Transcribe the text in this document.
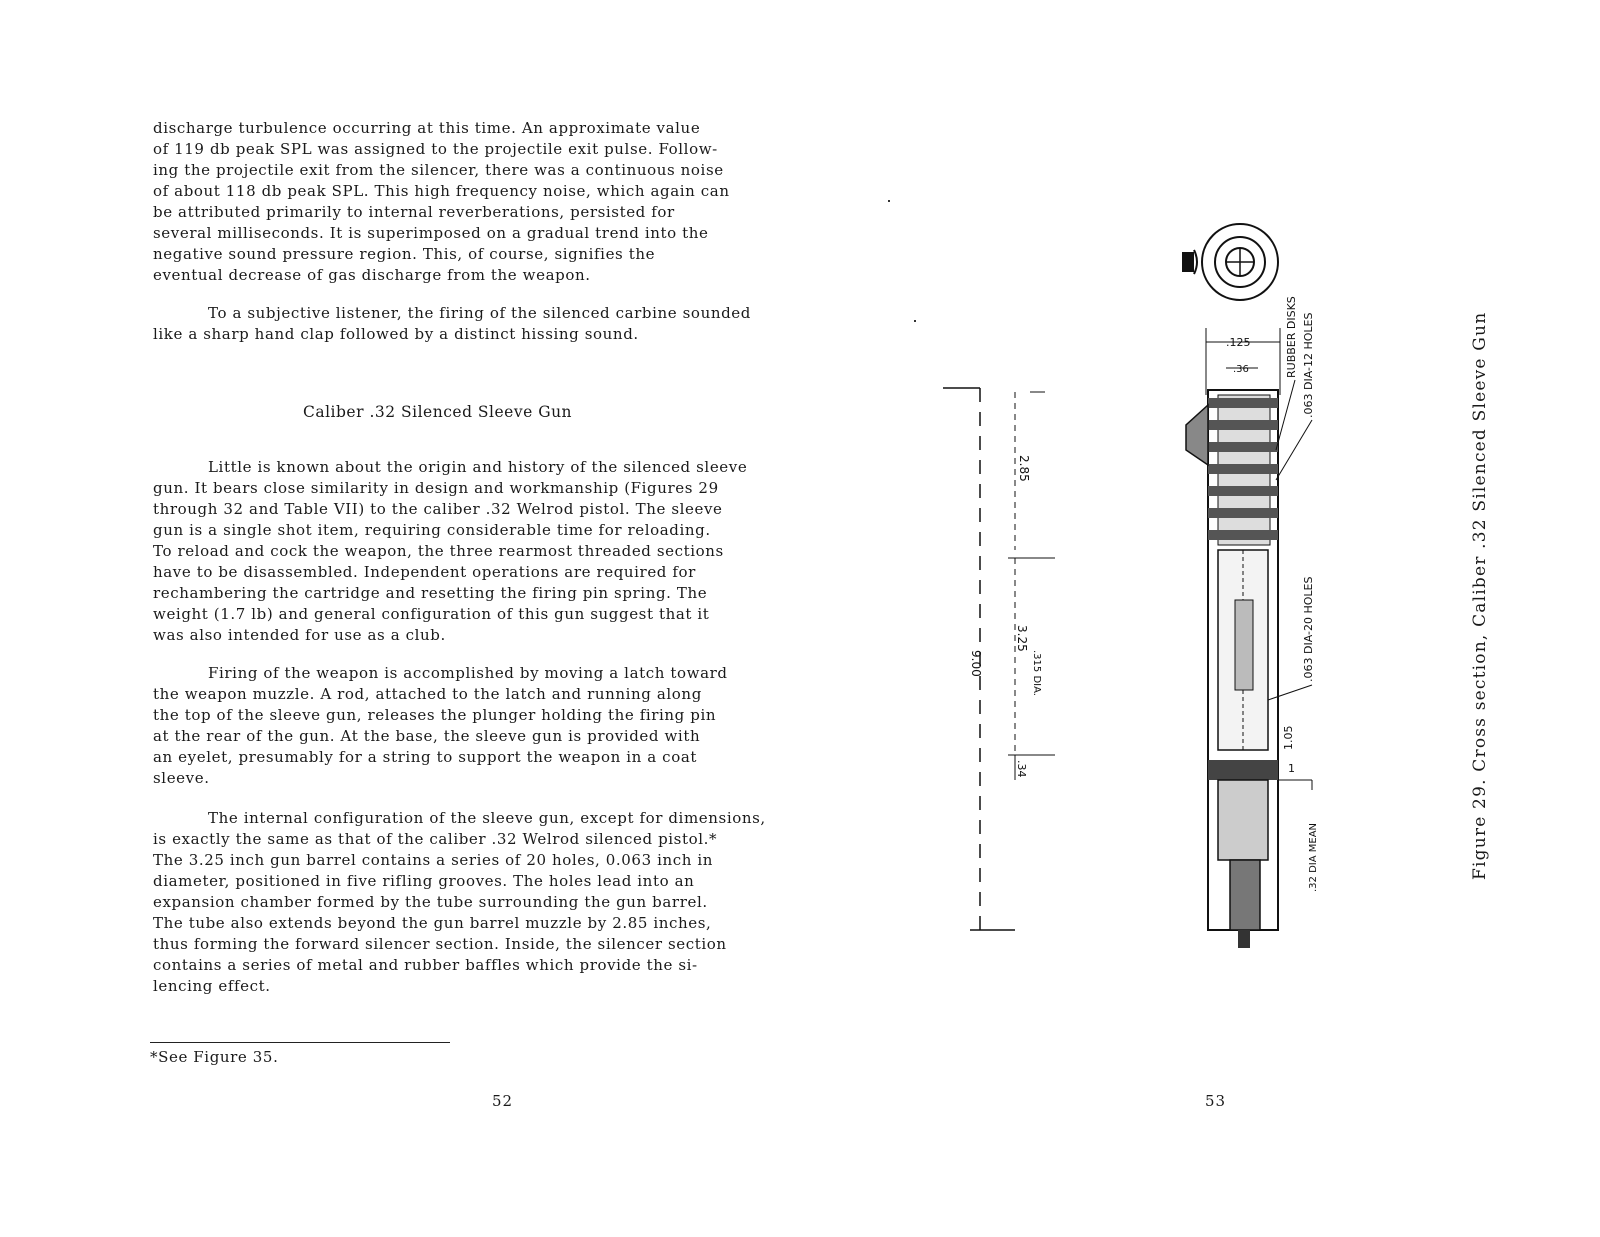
discharge turbulence occurring at this time. An approximate value
of 119 db peak SPL was assigned to the projectile exit pulse. Follow-
ing the projectile exit from the silencer, there was a continuous noise
of about 118 db peak SPL. This high frequency noise, which again can
be attributed primarily to internal reverberations, persisted for
several milliseconds. It is superimposed on a gradual trend into the
negative sound pressure region. This, of course, signifies the
eventual decrease of gas discharge from the weapon.
To a subjective listener, the firing of the silenced carbine sounded
like a sharp hand clap followed by a distinct hissing sound.
Caliber .32 Silenced Sleeve Gun
Little is known about the origin and history of the silenced sleeve
gun. It bears close similarity in design and workmanship (Figures 29
through 32 and Table VII) to the caliber .32 Welrod pistol. The sleeve
gun is a single shot item, requiring considerable time for reloading.
To reload and cock the weapon, the three rearmost threaded sections
have to be disassembled. Independent operations are required for
rechambering the cartridge and resetting the firing pin spring. The
weight (1.7 lb) and general configuration of this gun suggest that it
was also intended for use as a club.
Firing of the weapon is accomplished by moving a latch toward
the weapon muzzle. A rod, attached to the latch and running along
the top of the sleeve gun, releases the plunger holding the firing pin
at the rear of the gun. At the base, the sleeve gun is provided with
an eyelet, presumably for a string to support the weapon in a coat
sleeve.
The internal configuration of the sleeve gun, except for dimensions,
is exactly the same as that of the caliber .32 Welrod silenced pistol.*
The 3.25 inch gun barrel contains a series of 20 holes, 0.063 inch in
diameter, positioned in five rifling grooves. The holes lead into an
expansion chamber formed by the tube surrounding the gun barrel.
The tube also extends beyond the gun barrel muzzle by 2.85 inches,
thus forming the forward silencer section. Inside, the silencer section
contains a series of metal and rubber baffles which provide the si-
lencing effect.
*See Figure 35.
52
.125
.36
9.00
2.85
3.25
.34
.315 DIA.
RUBBER DISKS .063 DIA-12 HOLES
.063 DIA-20 HOLES
1.05
1
.32 DIA MEAN	Figure 29. Cross section, Caliber .32 Silenced Sleeve Gun
53
